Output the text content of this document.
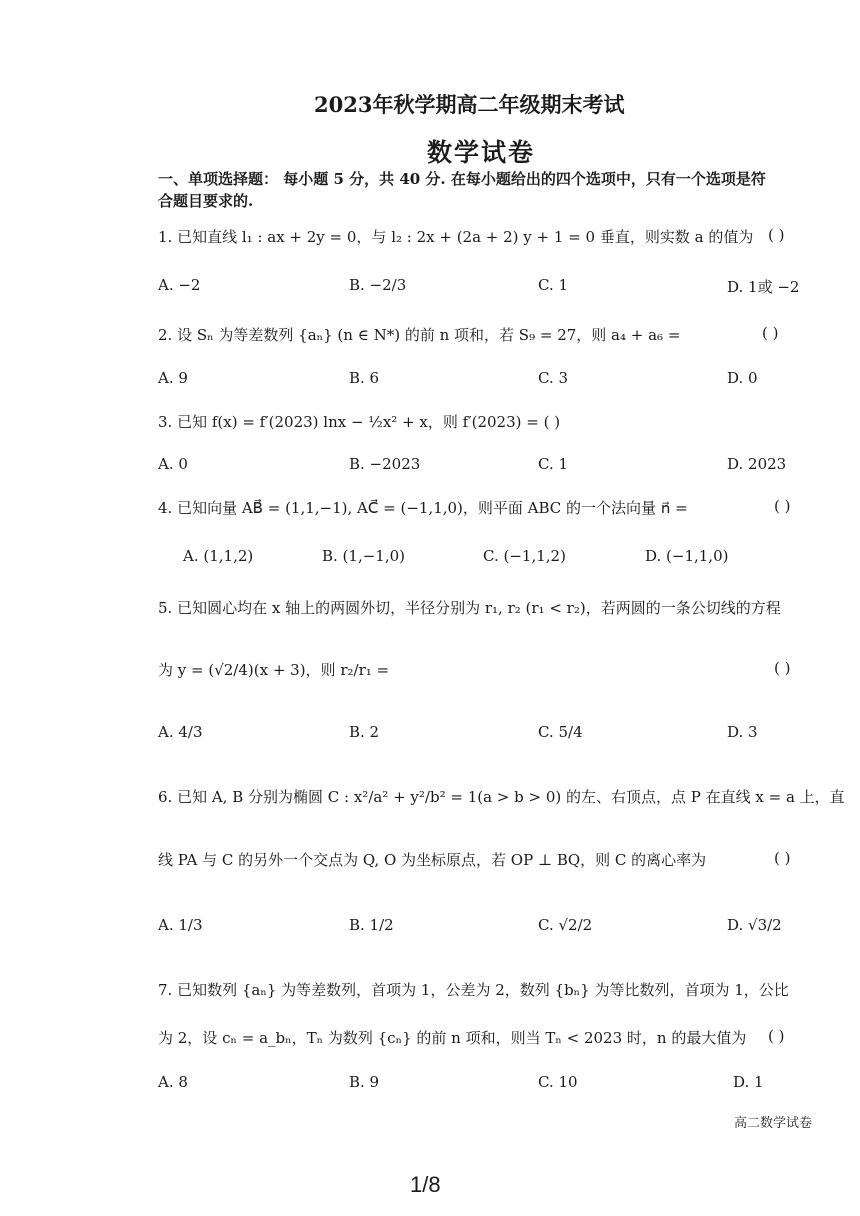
2023年秋学期高二年级期末考试
数学试卷
一、单项选择题： 每小题 5 分，共 40 分. 在每小题给出的四个选项中，只有一个选项是符
合题目要求的.
1. 已知直线 l₁ : ax + 2y = 0，与 l₂ : 2x + (2a + 2) y + 1 = 0 垂直，则实数 a 的值为 ( )
A. −2	B. −2/3	C. 1	D. 1或 −2
2. 设 Sₙ 为等差数列 {aₙ} (n ∈ N*) 的前 n 项和，若 S₉ = 27，则 a₄ + a₆ =	( )
A. 9	B. 6	C. 3	D. 0
3. 已知 f(x) = f′(2023) lnx − ½x² + x，则 f′(2023) = ( )
A. 0	B. −2023	C. 1	D. 2023
4. 已知向量 AB⃗ = (1,1,−1), AC⃗ = (−1,1,0)，则平面 ABC 的一个法向量 n⃗ =	( )
A. (1,1,2)	B. (1,−1,0)	C. (−1,1,2)	D. (−1,1,0)
5. 已知圆心均在 x 轴上的两圆外切，半径分别为 r₁, r₂ (r₁ < r₂)，若两圆的一条公切线的方程
为 y = (√2/4)(x + 3)，则 r₂/r₁ =	( )
A. 4/3	B. 2	C. 5/4	D. 3
6. 已知 A, B 分别为椭圆 C : x²/a² + y²/b² = 1(a > b > 0) 的左、右顶点，点 P 在直线 x = a 上，直
线 PA 与 C 的另外一个交点为 Q, O 为坐标原点，若 OP ⊥ BQ，则 C 的离心率为	( )
A. 1/3	B. 1/2	C. √2/2	D. √3/2
7. 已知数列 {aₙ} 为等差数列，首项为 1，公差为 2，数列 {bₙ} 为等比数列，首项为 1，公比
为 2，设 cₙ = a_bₙ，Tₙ 为数列 {cₙ} 的前 n 项和，则当 Tₙ < 2023 时，n 的最大值为 ( )
A. 8	B. 9	C. 10	D. 1
高二数学试卷
1/8
